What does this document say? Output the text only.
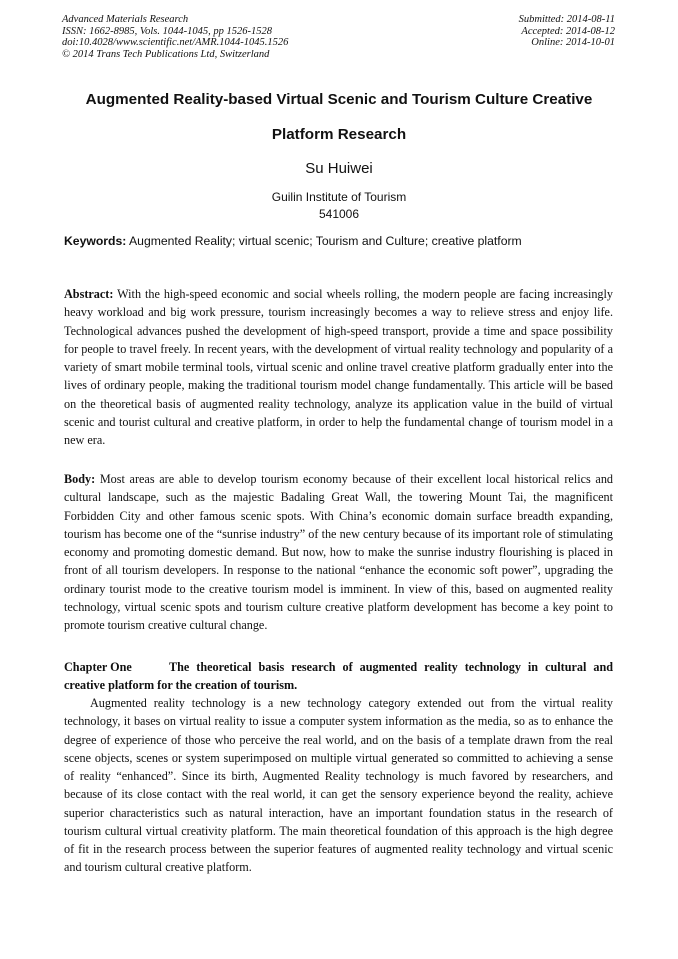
Advanced Materials Research
ISSN: 1662-8985, Vols. 1044-1045, pp 1526-1528
doi:10.4028/www.scientific.net/AMR.1044-1045.1526
© 2014 Trans Tech Publications Ltd, Switzerland
Submitted: 2014-08-11
Accepted: 2014-08-12
Online: 2014-10-01
Augmented Reality-based Virtual Scenic and Tourism Culture Creative
Platform Research
Su Huiwei
Guilin Institute of Tourism
541006
Keywords: Augmented Reality; virtual scenic; Tourism and Culture; creative platform
Abstract: With the high-speed economic and social wheels rolling, the modern people are facing increasingly heavy workload and big work pressure, tourism increasingly becomes a way to relieve stress and enjoy life. Technological advances pushed the development of high-speed transport, provide a time and space possibility for people to travel freely. In recent years, with the development of virtual reality technology and popularity of a variety of smart mobile terminal tools, virtual scenic and online travel creative platform gradually enter into the lives of ordinary people, making the traditional tourism model change fundamentally. This article will be based on the theoretical basis of augmented reality technology, analyze its application value in the build of virtual scenic and tourist cultural and creative platform, in order to help the fundamental change of tourism model in a new era.
Body: Most areas are able to develop tourism economy because of their excellent local historical relics and cultural landscape, such as the majestic Badaling Great Wall, the towering Mount Tai, the magnificent Forbidden City and other famous scenic spots. With China’s economic domain surface breadth expanding, tourism has become one of the “sunrise industry” of the new century because of its important role of stimulating economy and promoting domestic demand. But now, how to make the sunrise industry flourishing is placed in front of all tourism developers. In response to the national “enhance the economic soft power”, upgrading the ordinary tourist mode to the creative tourism model is imminent. In view of this, based on augmented reality technology, virtual scenic spots and tourism culture creative platform development has become a key point to promote tourism creative cultural change.
Chapter One	The theoretical basis research of augmented reality technology in cultural and creative platform for the creation of tourism.
Augmented reality technology is a new technology category extended out from the virtual reality technology, it bases on virtual reality to issue a computer system information as the media, so as to enhance the degree of experience of those who perceive the real world, and on the basis of a template drawn from the real scene objects, scenes or system superimposed on multiple virtual generated so committed to achieving a sense of reality “enhanced”. Since its birth, Augmented Reality technology is much favored by researchers, and because of its close contact with the real world, it can get the sensory experience beyond the reality, achieve superior characteristics such as natural interaction, have an important foundation status in the research of tourism cultural virtual creativity platform. The main theoretical foundation of this approach is the high degree of fit in the research process between the superior features of augmented reality technology and virtual scenic and tourism cultural creative platform.
